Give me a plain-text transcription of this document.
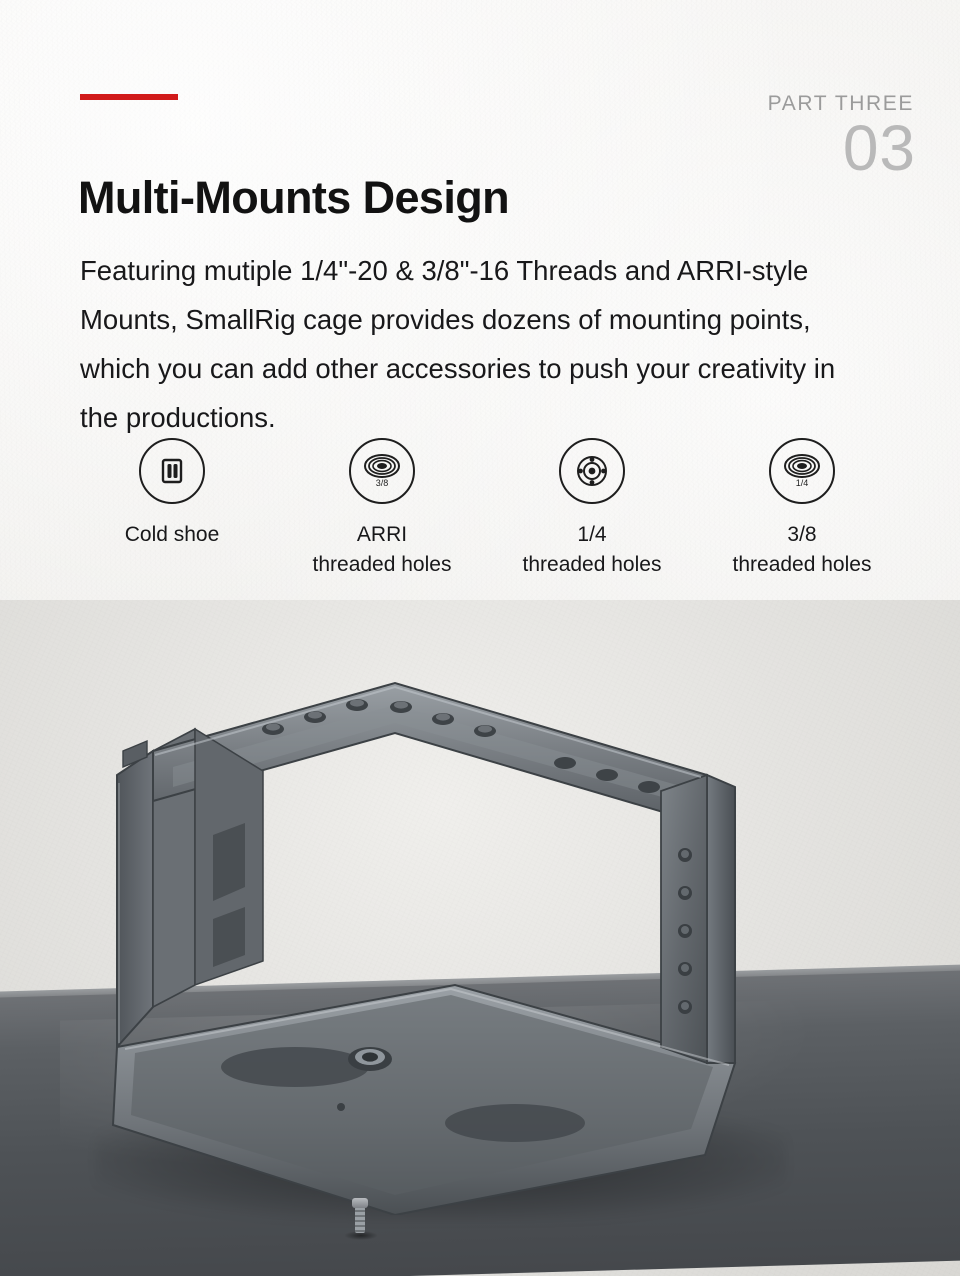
PART THREE
03
Multi-Mounts Design

Featuring mutiple 1/4"-20 & 3/8"-16 Threads and ARRI-style Mounts, SmallRig cage provides dozens of mounting points, which you can add other accessories to push your creativity in the productions.

Cold shoe
3/8
ARRI
threaded holes
1/4
threaded holes
1/4
3/8
threaded holes
